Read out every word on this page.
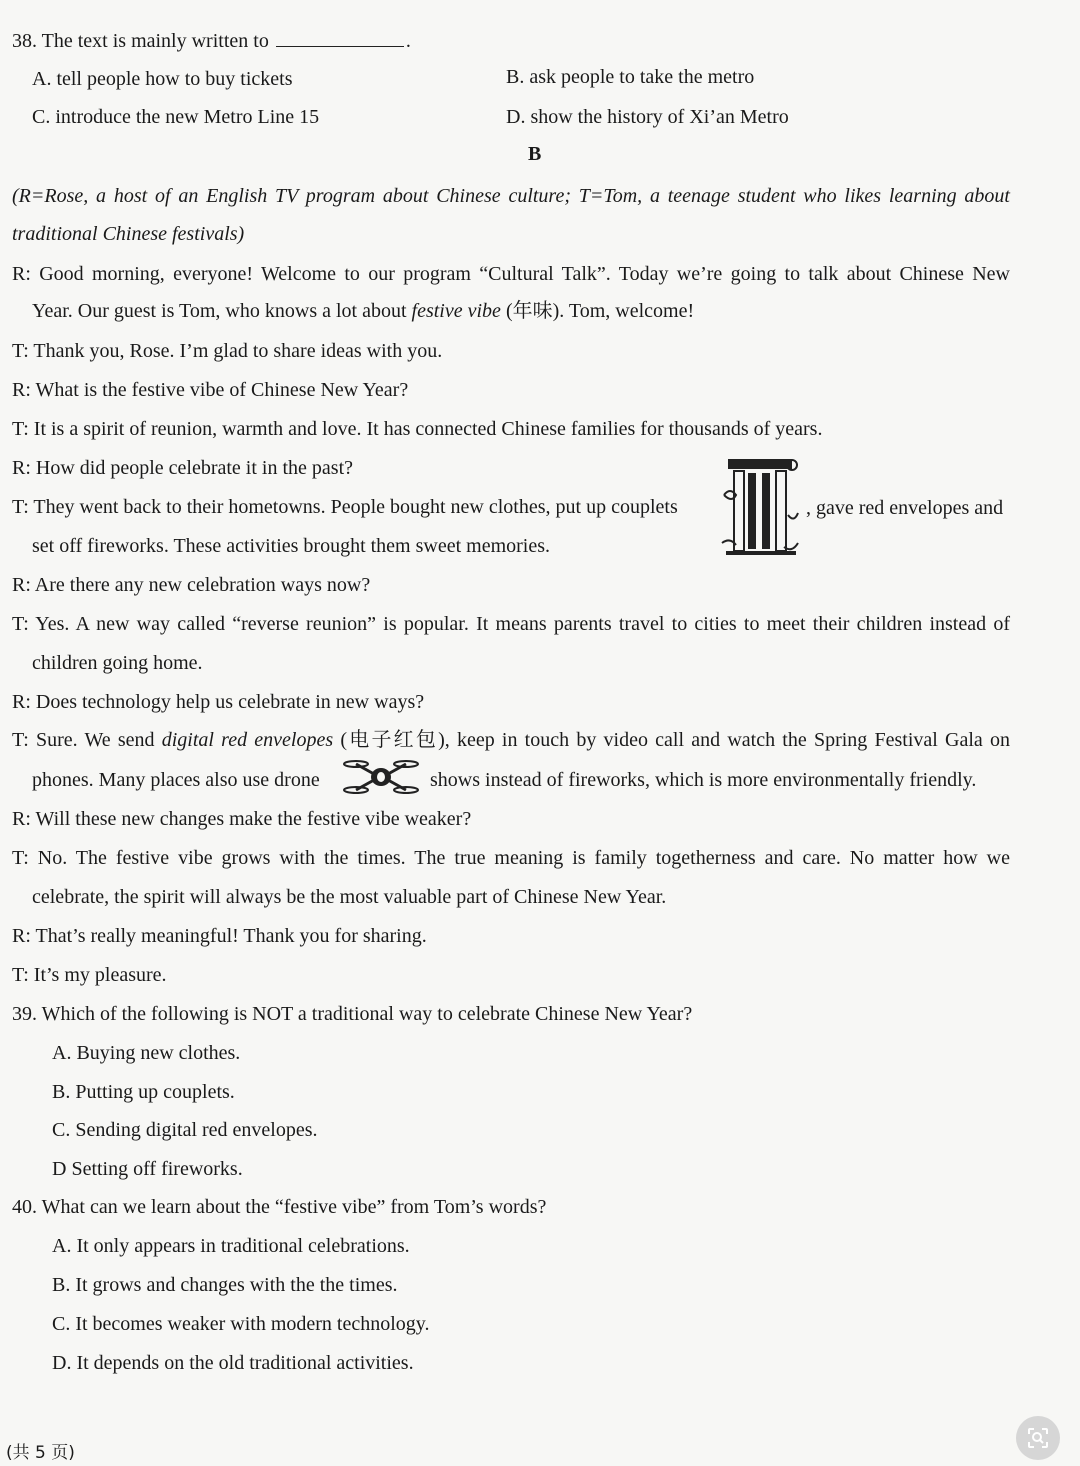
38. The text is mainly written to	.
A. tell people how to buy tickets	B. ask people to take the metro
C. introduce the new Metro Line 15	D. show the history of Xi’an Metro
B
(R=Rose, a host of an English TV program about Chinese culture; T=Tom, a teenage student who likes learning about
traditional Chinese festivals)
R: Good morning, everyone! Welcome to our program “Cultural Talk”. Today we’re going to talk about Chinese New
Year. Our guest is Tom, who knows a lot about festive vibe (年味). Tom, welcome!
T: Thank you, Rose. I’m glad to share ideas with you.
R: What is the festive vibe of Chinese New Year?
T: It is a spirit of reunion, warmth and love. It has connected Chinese families for thousands of years.
R: How did people celebrate it in the past?
T: They went back to their hometowns. People bought new clothes, put up couplets	, gave red envelopes and
set off fireworks. These activities brought them sweet memories.
R: Are there any new celebration ways now?
T: Yes. A new way called “reverse reunion” is popular. It means parents travel to cities to meet their children instead of
children going home.
R: Does technology help us celebrate in new ways?
T: Sure. We send digital red envelopes (电子红包), keep in touch by video call and watch the Spring Festival Gala on
phones. Many places also use drone	shows instead of fireworks, which is more environmentally friendly.
R: Will these new changes make the festive vibe weaker?
T: No. The festive vibe grows with the times. The true meaning is family togetherness and care. No matter how we
celebrate, the spirit will always be the most valuable part of Chinese New Year.
R: That’s really meaningful! Thank you for sharing.
T: It’s my pleasure.
39. Which of the following is NOT a traditional way to celebrate Chinese New Year?
A. Buying new clothes.
B. Putting up couplets.
C. Sending digital red envelopes.
D Setting off fireworks.
40. What can we learn about the “festive vibe” from Tom’s words?
A. It only appears in traditional celebrations.
B. It grows and changes with the the times.
C. It becomes weaker with modern technology.
D. It depends on the old traditional activities.
(共 5 页)
